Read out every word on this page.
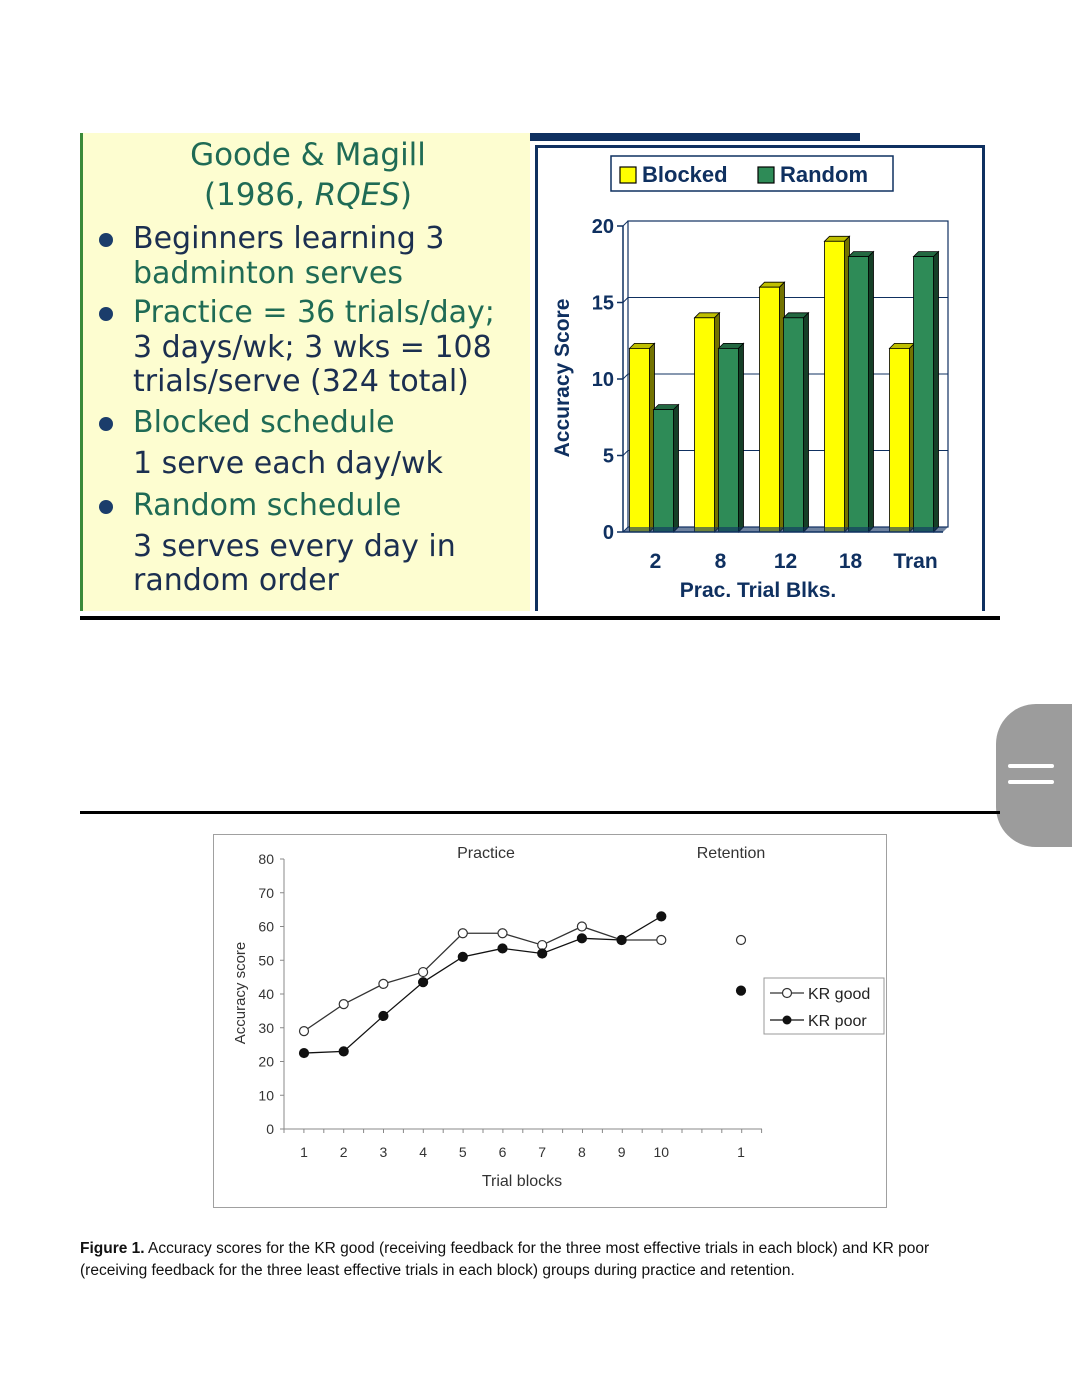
Goode & Magill
(1986, RQES)
Beginners learning 3
badminton serves
Practice = 36 trials/day;
3 days/wk; 3 wks = 108
trials/serve (324 total)
Blocked schedule
1 serve each day/wk
Random schedule
3 serves every day in
random order
0
5
10
15
20
2	8 12 18 Tran
Blocked Random
Accuracy Score
Prac. Trial Blks.
0
10
20
30
40
50
60
70
80
1 2 3 4 5 6 7 8 9 10	1
Practice	Retention
Accuracy score
Trial blocks
KR good
KR poor
Figure 1. Accuracy scores for the KR good (receiving feedback for the three most effective trials in each block) and KR poor (receiving feedback for the three least effective trials in each block) groups during practice and retention.
